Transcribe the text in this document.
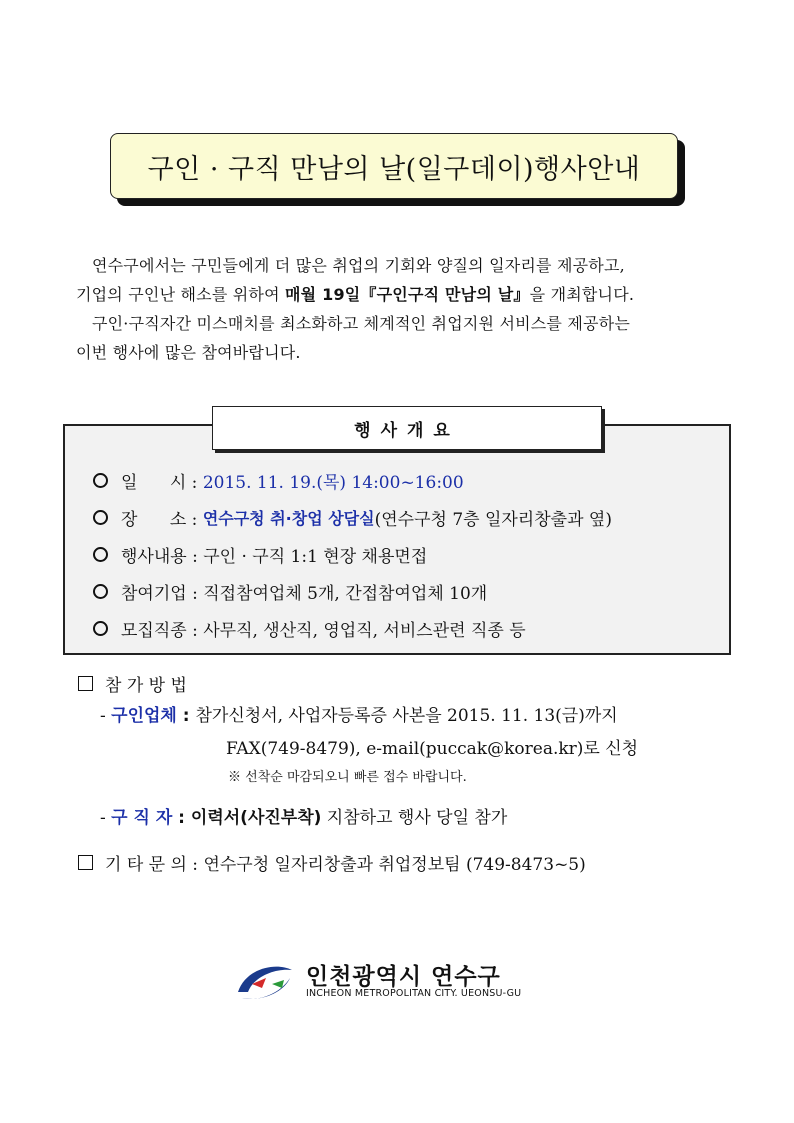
구인 · 구직 만남의 날(일구데이)행사안내

연수구에서는 구민들에게 더 많은 취업의 기회와 양질의 일자리를 제공하고,

기업의 구인난 해소를 위하여 매월 19일『구인구직 만남의 날』을 개최합니다.

구인·구직자간 미스매치를 최소화하고 체계적인 취업지원 서비스를 제공하는

이번 행사에 많은 참여바랍니다.

행사개요
일      시 : 2015. 11. 19.(목) 14:00~16:00
장      소 : 연수구청 취·창업 상담실 (연수구청 7층 일자리창출과 옆)
행사내용 : 구인 · 구직 1:1 현장 채용면접
참여기업 : 직접참여업체 5개, 간접참여업체 10개
모집직종 : 사무직, 생산직, 영업직, 서비스관련 직종 등
참 가 방 법
- 구인업체 : 참가신청서, 사업자등록증 사본을 2015. 11. 13(금)까지
FAX(749-8479), e-mail(puccak@korea.kr)로 신청
※ 선착순 마감되오니 빠른 접수 바랍니다.
- 구 직 자 : 이력서(사진부착) 지참하고 행사 당일 참가
기 타 문 의 : 연수구청 일자리창출과 취업정보팀 (749-8473~5)
인천광역시 연수구
INCHEON METROPOLITAN CITY. UEONSU-GU
